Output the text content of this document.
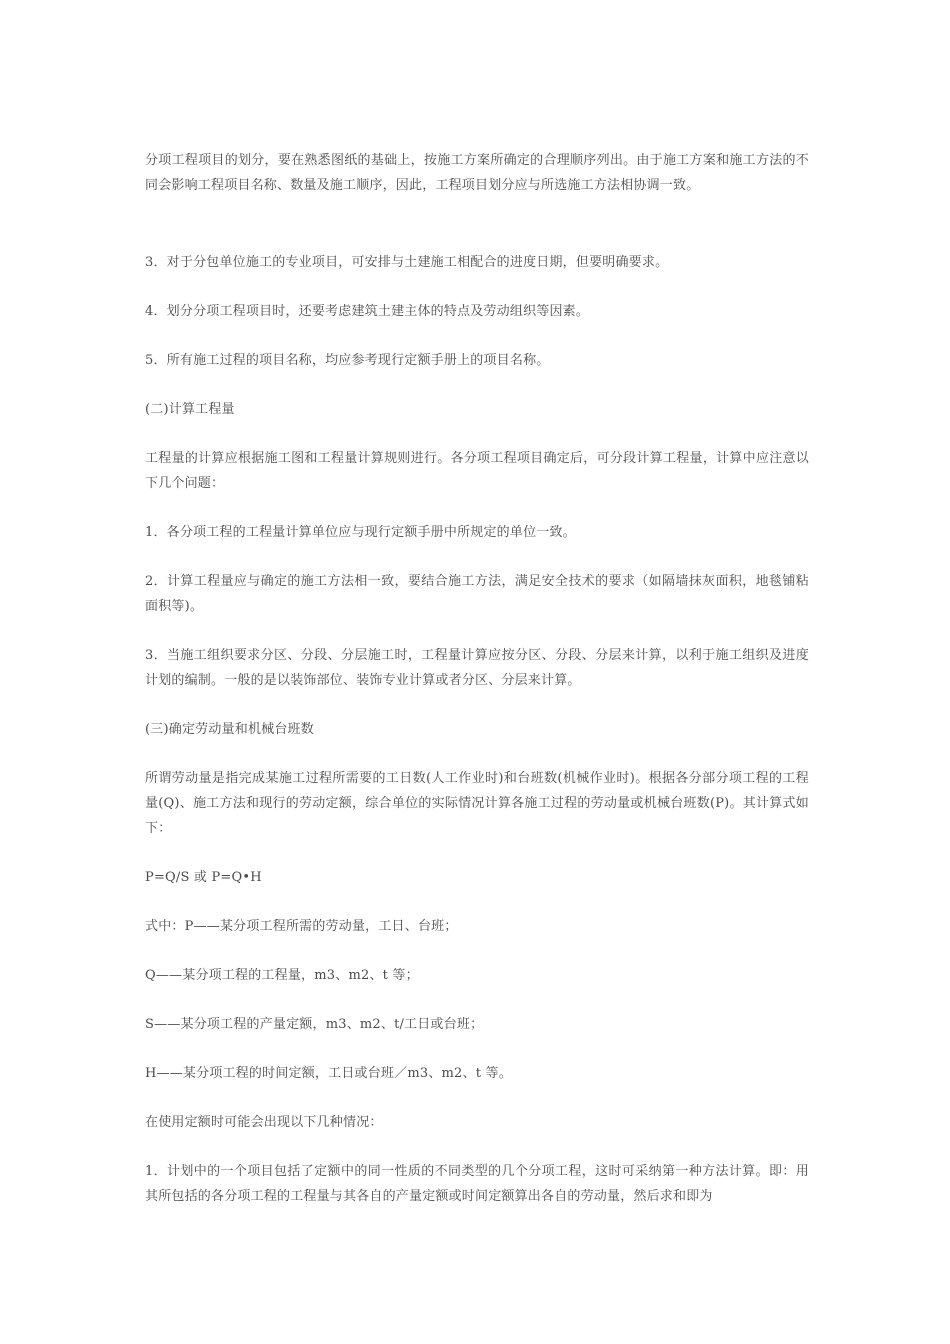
分项工程项目的划分，要在熟悉图纸的基础上，按施工方案所确定的合理顺序列出。由于施工方案和施工方法的不同会影响工程项目名称、数量及施工顺序，因此，工程项目划分应与所选施工方法相协调一致。

3．对于分包单位施工的专业项目，可安排与土建施工相配合的进度日期，但要明确要求。

4．划分分项工程项目时，还要考虑建筑土建主体的特点及劳动组织等因素。

5．所有施工过程的项目名称，均应参考现行定额手册上的项目名称。

(二)计算工程量

工程量的计算应根据施工图和工程量计算规则进行。各分项工程项目确定后，可分段计算工程量，计算中应注意以下几个问题：

1．各分项工程的工程量计算单位应与现行定额手册中所规定的单位一致。

2．计算工程量应与确定的施工方法相一致，要结合施工方法，满足安全技术的要求（如隔墙抹灰面积，地毯铺粘面积等)。

3．当施工组织要求分区、分段、分层施工时，工程量计算应按分区、分段、分层来计算，以利于施工组织及进度计划的编制。一般的是以装饰部位、装饰专业计算或者分区、分层来计算。

(三)确定劳动量和机械台班数

所谓劳动量是指完成某施工过程所需要的工日数(人工作业时)和台班数(机械作业时)。根据各分部分项工程的工程量(Q)、施工方法和现行的劳动定额，综合单位的实际情况计算各施工过程的劳动量或机械台班数(P)。其计算式如下：

P=Q/S 或 P=Q•H

式中：P——某分项工程所需的劳动量，工日、台班；

Q——某分项工程的工程量，m3、m2、t 等；

S——某分项工程的产量定额，m3、m2、t/工日或台班；

H——某分项工程的时间定额，工日或台班／m3、m2、t 等。

在使用定额时可能会出现以下几种情况：

1．计划中的一个项目包括了定额中的同一性质的不同类型的几个分项工程，这时可采纳第一种方法计算。即：用其所包括的各分项工程的工程量与其各自的产量定额或时间定额算出各自的劳动量，然后求和即为
